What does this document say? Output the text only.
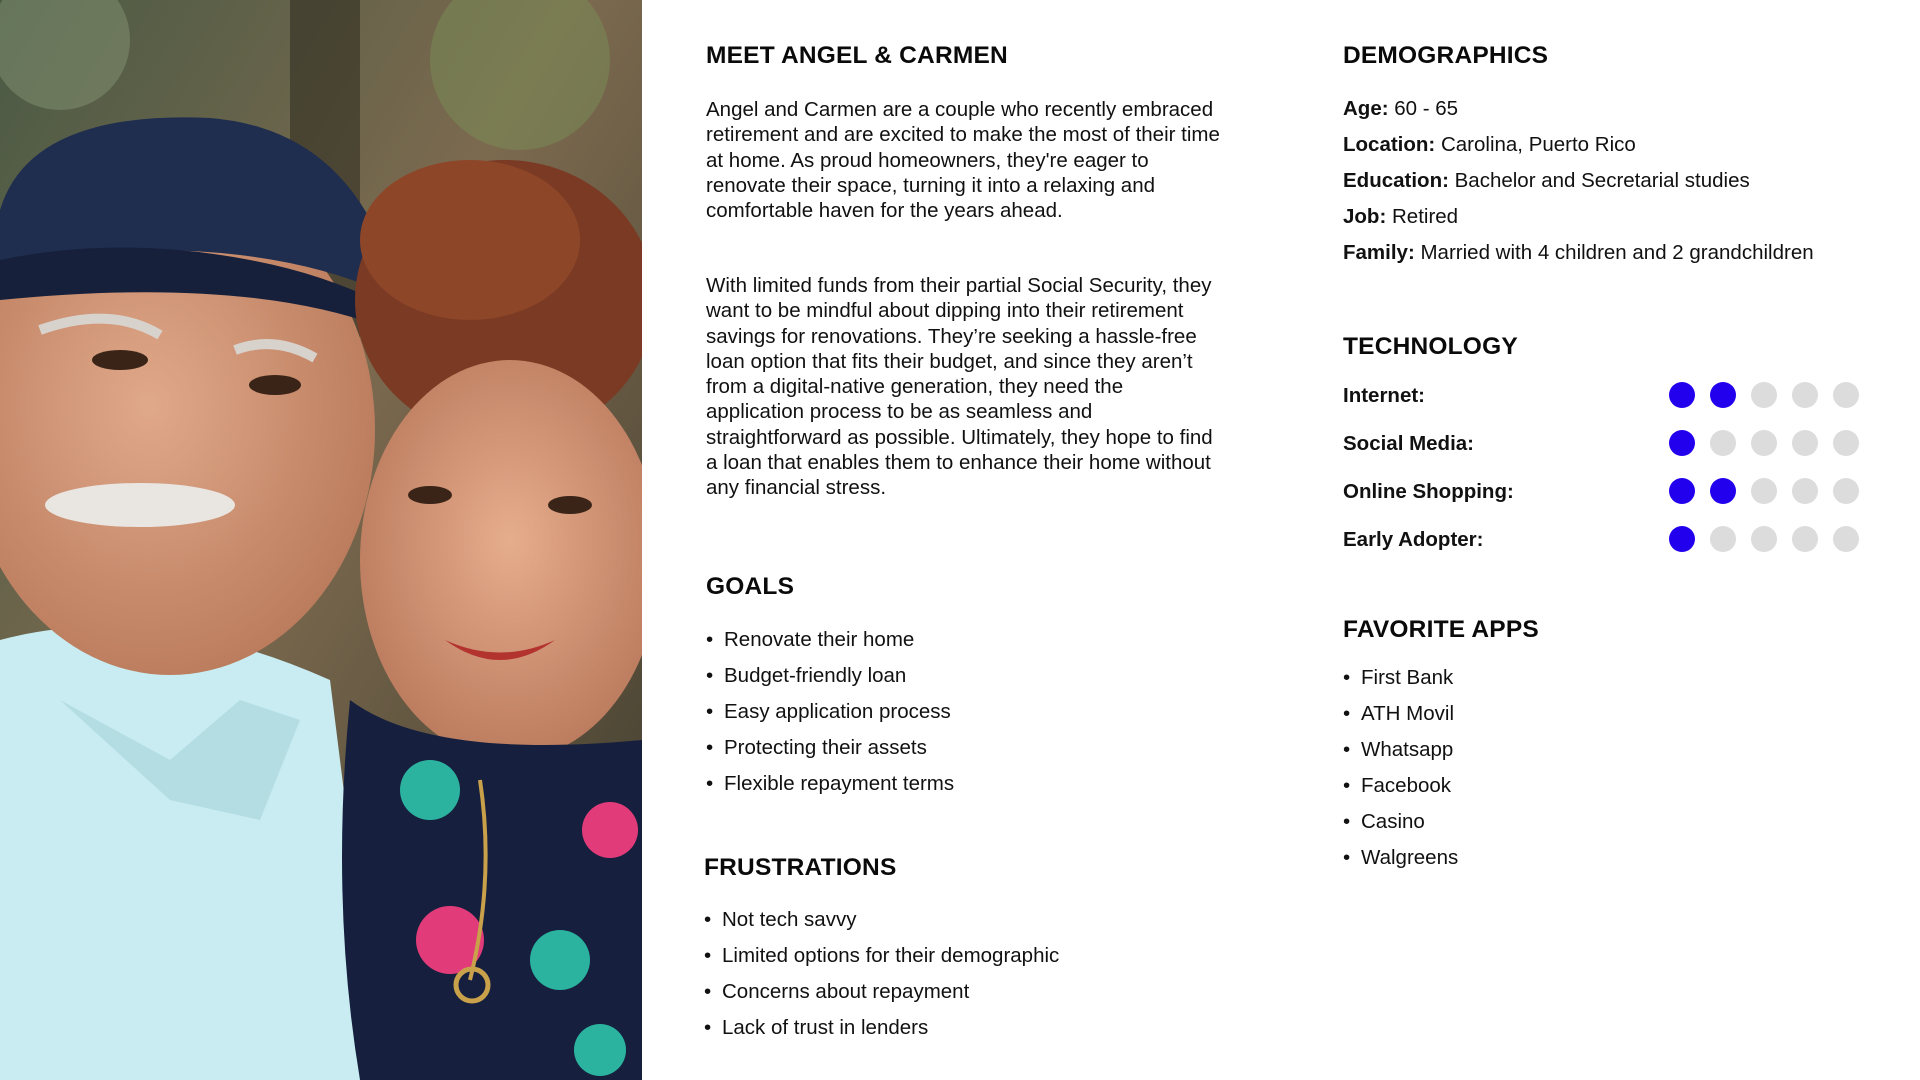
MEET ANGEL & CARMEN

Angel and Carmen are a couple who recently embraced retirement and are excited to make the most of their time at home. As proud homeowners, they're eager to renovate their space, turning it into a relaxing and comfortable haven for the years ahead.

With limited funds from their partial Social Security, they want to be mindful about dipping into their retirement savings for renovations. They’re seeking a hassle-free loan option that fits their budget, and since they aren’t from a digital-native generation, they need the application process to be as seamless and straightforward as possible. Ultimately, they hope to find a loan that enables them to enhance their home without any financial stress.

GOALS
• Renovate their home
• Budget-friendly loan
• Easy application process
• Protecting their assets
• Flexible repayment terms
FRUSTRATIONS
• Not tech savvy
• Limited options for their demographic
• Concerns about repayment
• Lack of trust in lenders
DEMOGRAPHICS
Age: 60 - 65
Location: Carolina, Puerto Rico
Education: Bachelor and Secretarial studies
Job: Retired
Family: Married with 4 children and 2 grandchildren
TECHNOLOGY
Internet:
Social Media:
Online Shopping:
Early Adopter:
FAVORITE APPS
• First Bank
• ATH Movil
• Whatsapp
• Facebook
• Casino
• Walgreens
